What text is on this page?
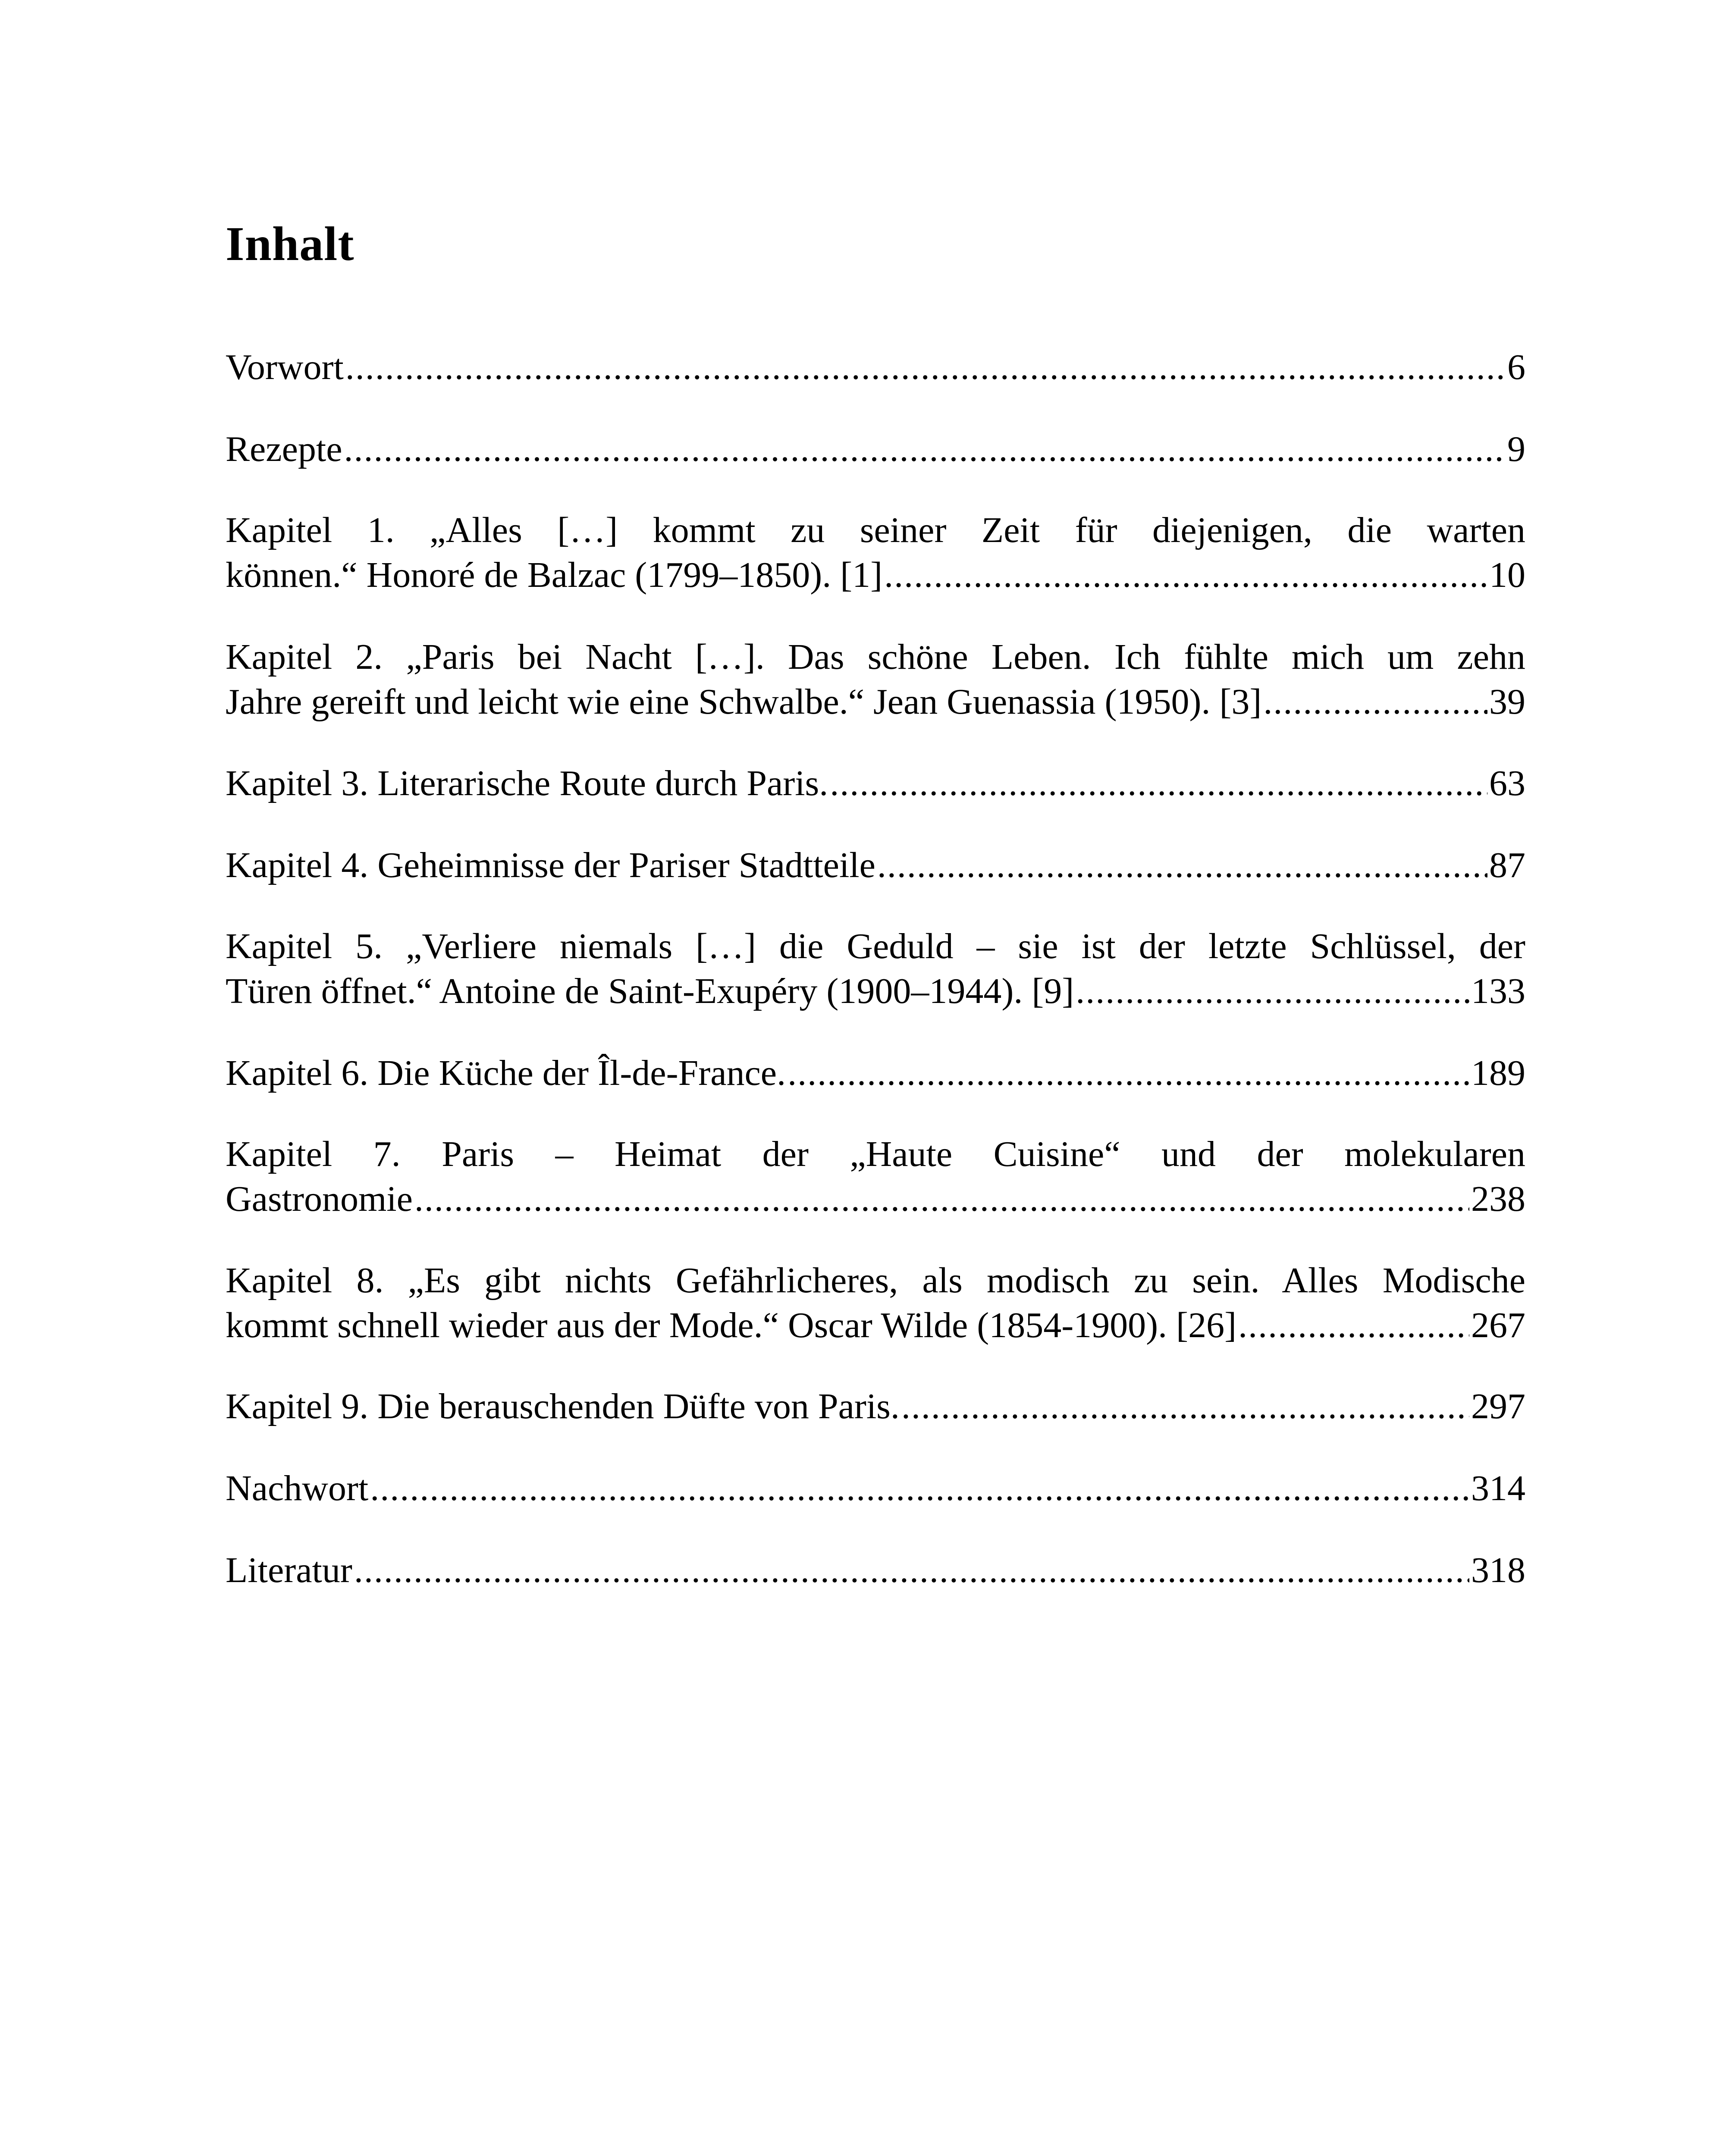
Inhalt
Vorwort .....	6
Rezepte .....	9
Kapitel 1. „Alles […] kommt zu seiner Zeit für diejenigen, die warten
können.“ Honoré de Balzac (1799–1850). [1] .....	10
Kapitel 2. „Paris bei Nacht […]. Das schöne Leben. Ich fühlte mich um zehn
Jahre gereift und leicht wie eine Schwalbe.“ Jean Guenassia (1950). [3] .....	39
Kapitel 3. Literarische Route durch Paris. .....	63
Kapitel 4. Geheimnisse der Pariser Stadtteile .....	87
Kapitel 5. „Verliere niemals […] die Geduld – sie ist der letzte Schlüssel, der
Türen öffnet.“ Antoine de Saint-Exupéry (1900–1944). [9] .....	133
Kapitel 6. Die Küche der Îl-de-France. .....	189
Kapitel 7. Paris – Heimat der „Haute Cuisine“ und der molekularen
Gastronomie .....	238
Kapitel 8. „Es gibt nichts Gefährlicheres, als modisch zu sein. Alles Modische
kommt schnell wieder aus der Mode.“ Oscar Wilde (1854-1900). [26] .....	267
Kapitel 9. Die berauschenden Düfte von Paris. .....	297
Nachwort .....	314
Literatur .....	318
